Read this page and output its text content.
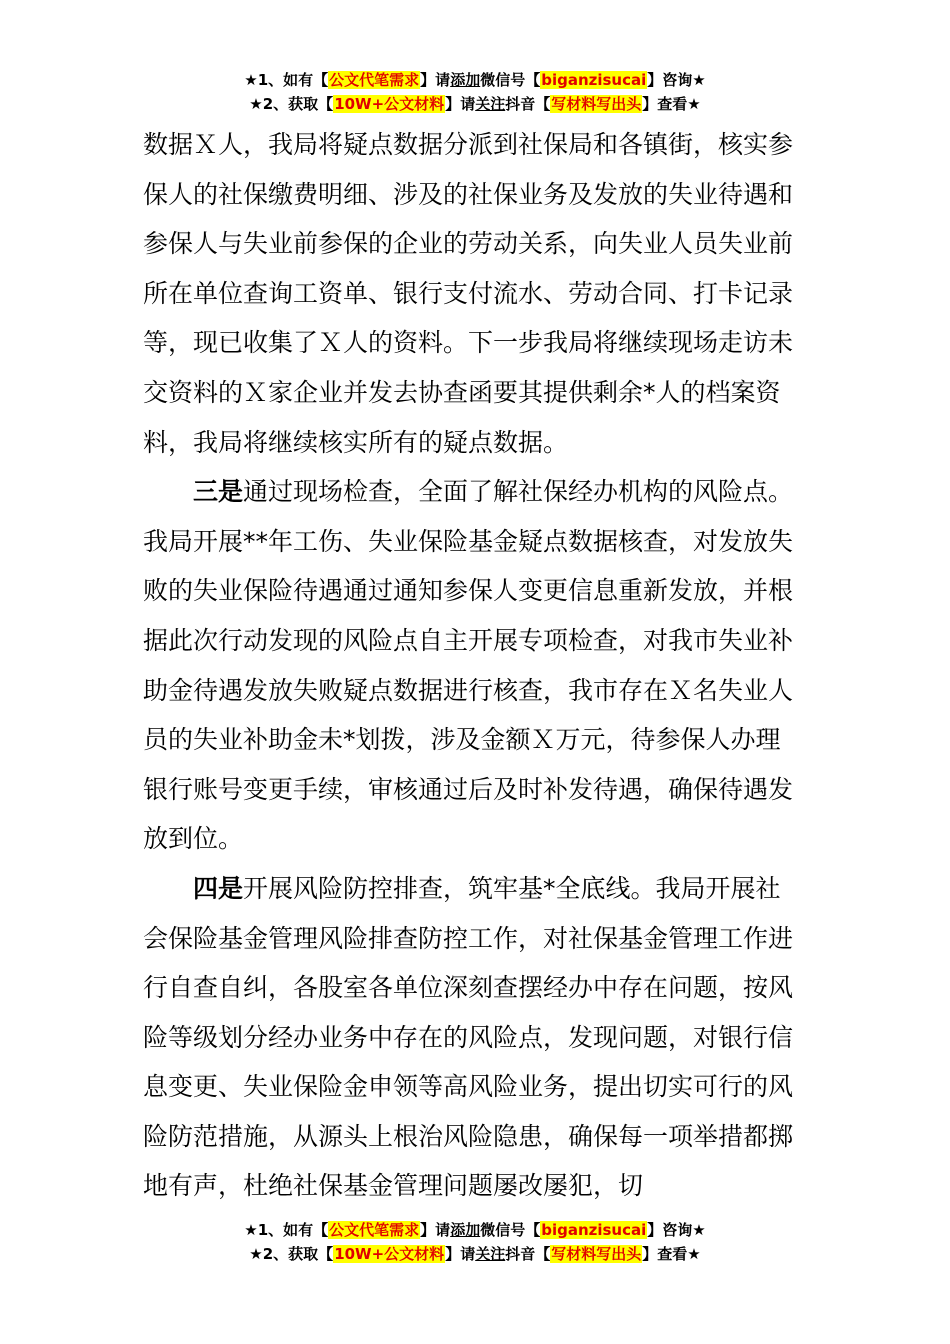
★1、如有【公文代笔需求】请添加微信号【biganzisucai】咨询★
★2、获取【10W+公文材料】请关注抖音【写材料写出头】查看★

数据Ｘ人，我局将疑点数据分派到社保局和各镇街，核实参保人的社保缴费明细、涉及的社保业务及发放的失业待遇和参保人与失业前参保的企业的劳动关系，向失业人员失业前所在单位查询工资单、银行支付流水、劳动合同、打卡记录等，现已收集了Ｘ人的资料。下一步我局将继续现场走访未交资料的Ｘ家企业并发去协查函要其提供剩余*人的档案资料，我局将继续核实所有的疑点数据。

三是通过现场检查，全面了解社保经办机构的风险点。我局开展**年工伤、失业保险基金疑点数据核查，对发放失败的失业保险待遇通过通知参保人变更信息重新发放，并根据此次行动发现的风险点自主开展专项检查，对我市失业补助金待遇发放失败疑点数据进行核查，我市存在Ｘ名失业人员的失业补助金未*划拨，涉及金额Ｘ万元，待参保人办理银行账号变更手续，审核通过后及时补发待遇，确保待遇发放到位。

四是开展风险防控排查，筑牢基*全底线。我局开展社会保险基金管理风险排查防控工作，对社保基金管理工作进行自查自纠，各股室各单位深刻查摆经办中存在问题，按风险等级划分经办业务中存在的风险点，发现问题，对银行信息变更、失业保险金申领等高风险业务，提出切实可行的风险防范措施，从源头上根治风险隐患，确保每一项举措都掷地有声，杜绝社保基金管理问题屡改屡犯，切

★1、如有【公文代笔需求】请添加微信号【biganzisucai】咨询★
★2、获取【10W+公文材料】请关注抖音【写材料写出头】查看★
